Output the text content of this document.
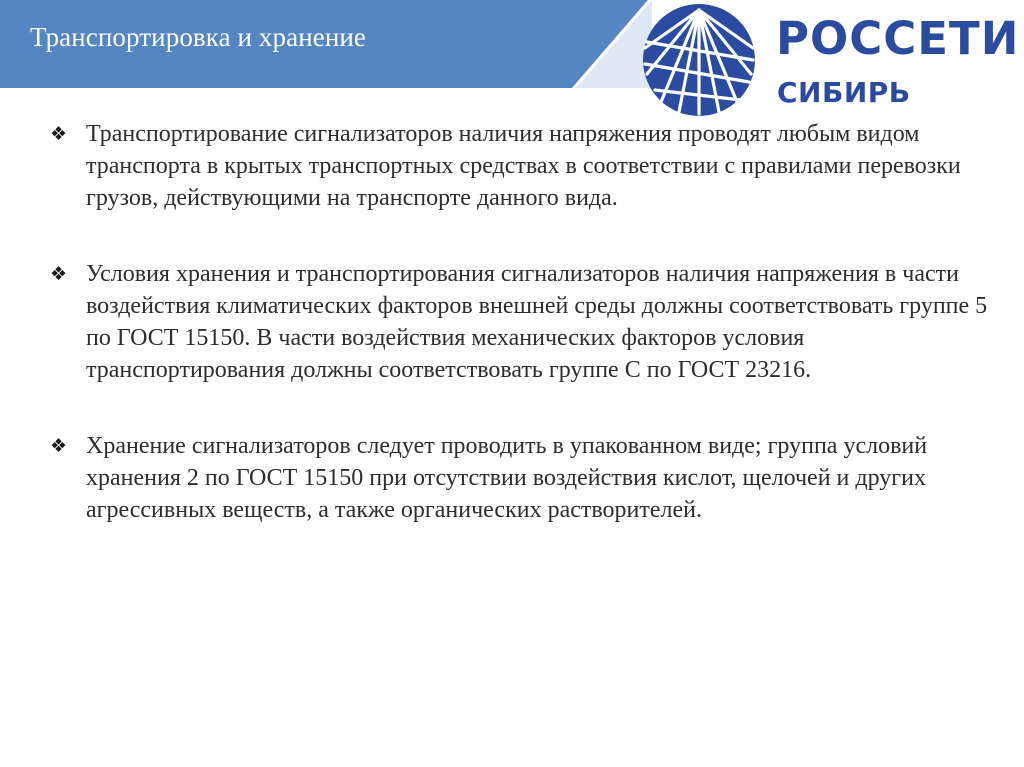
Транспортировка и хранение	РОССЕТИ
СИБИРЬ
❖ Транспортирование сигнализаторов наличия напряжения проводят любым видом транспорта в крытых транспортных средствах в соответствии с правилами перевозки грузов, действующими на транспорте данного вида.
❖ Условия хранения и транспортирования сигнализаторов наличия напряжения в части воздействия климатических факторов внешней среды должны соответствовать группе 5 по ГОСТ 15150. В части воздействия механических факторов условия транспортирования должны соответствовать группе С по ГОСТ 23216.
❖ Хранение сигнализаторов следует проводить в упакованном виде; группа условий хранения 2 по ГОСТ 15150 при отсутствии воздействия кислот, щелочей и других агрессивных веществ, а также органических растворителей.
